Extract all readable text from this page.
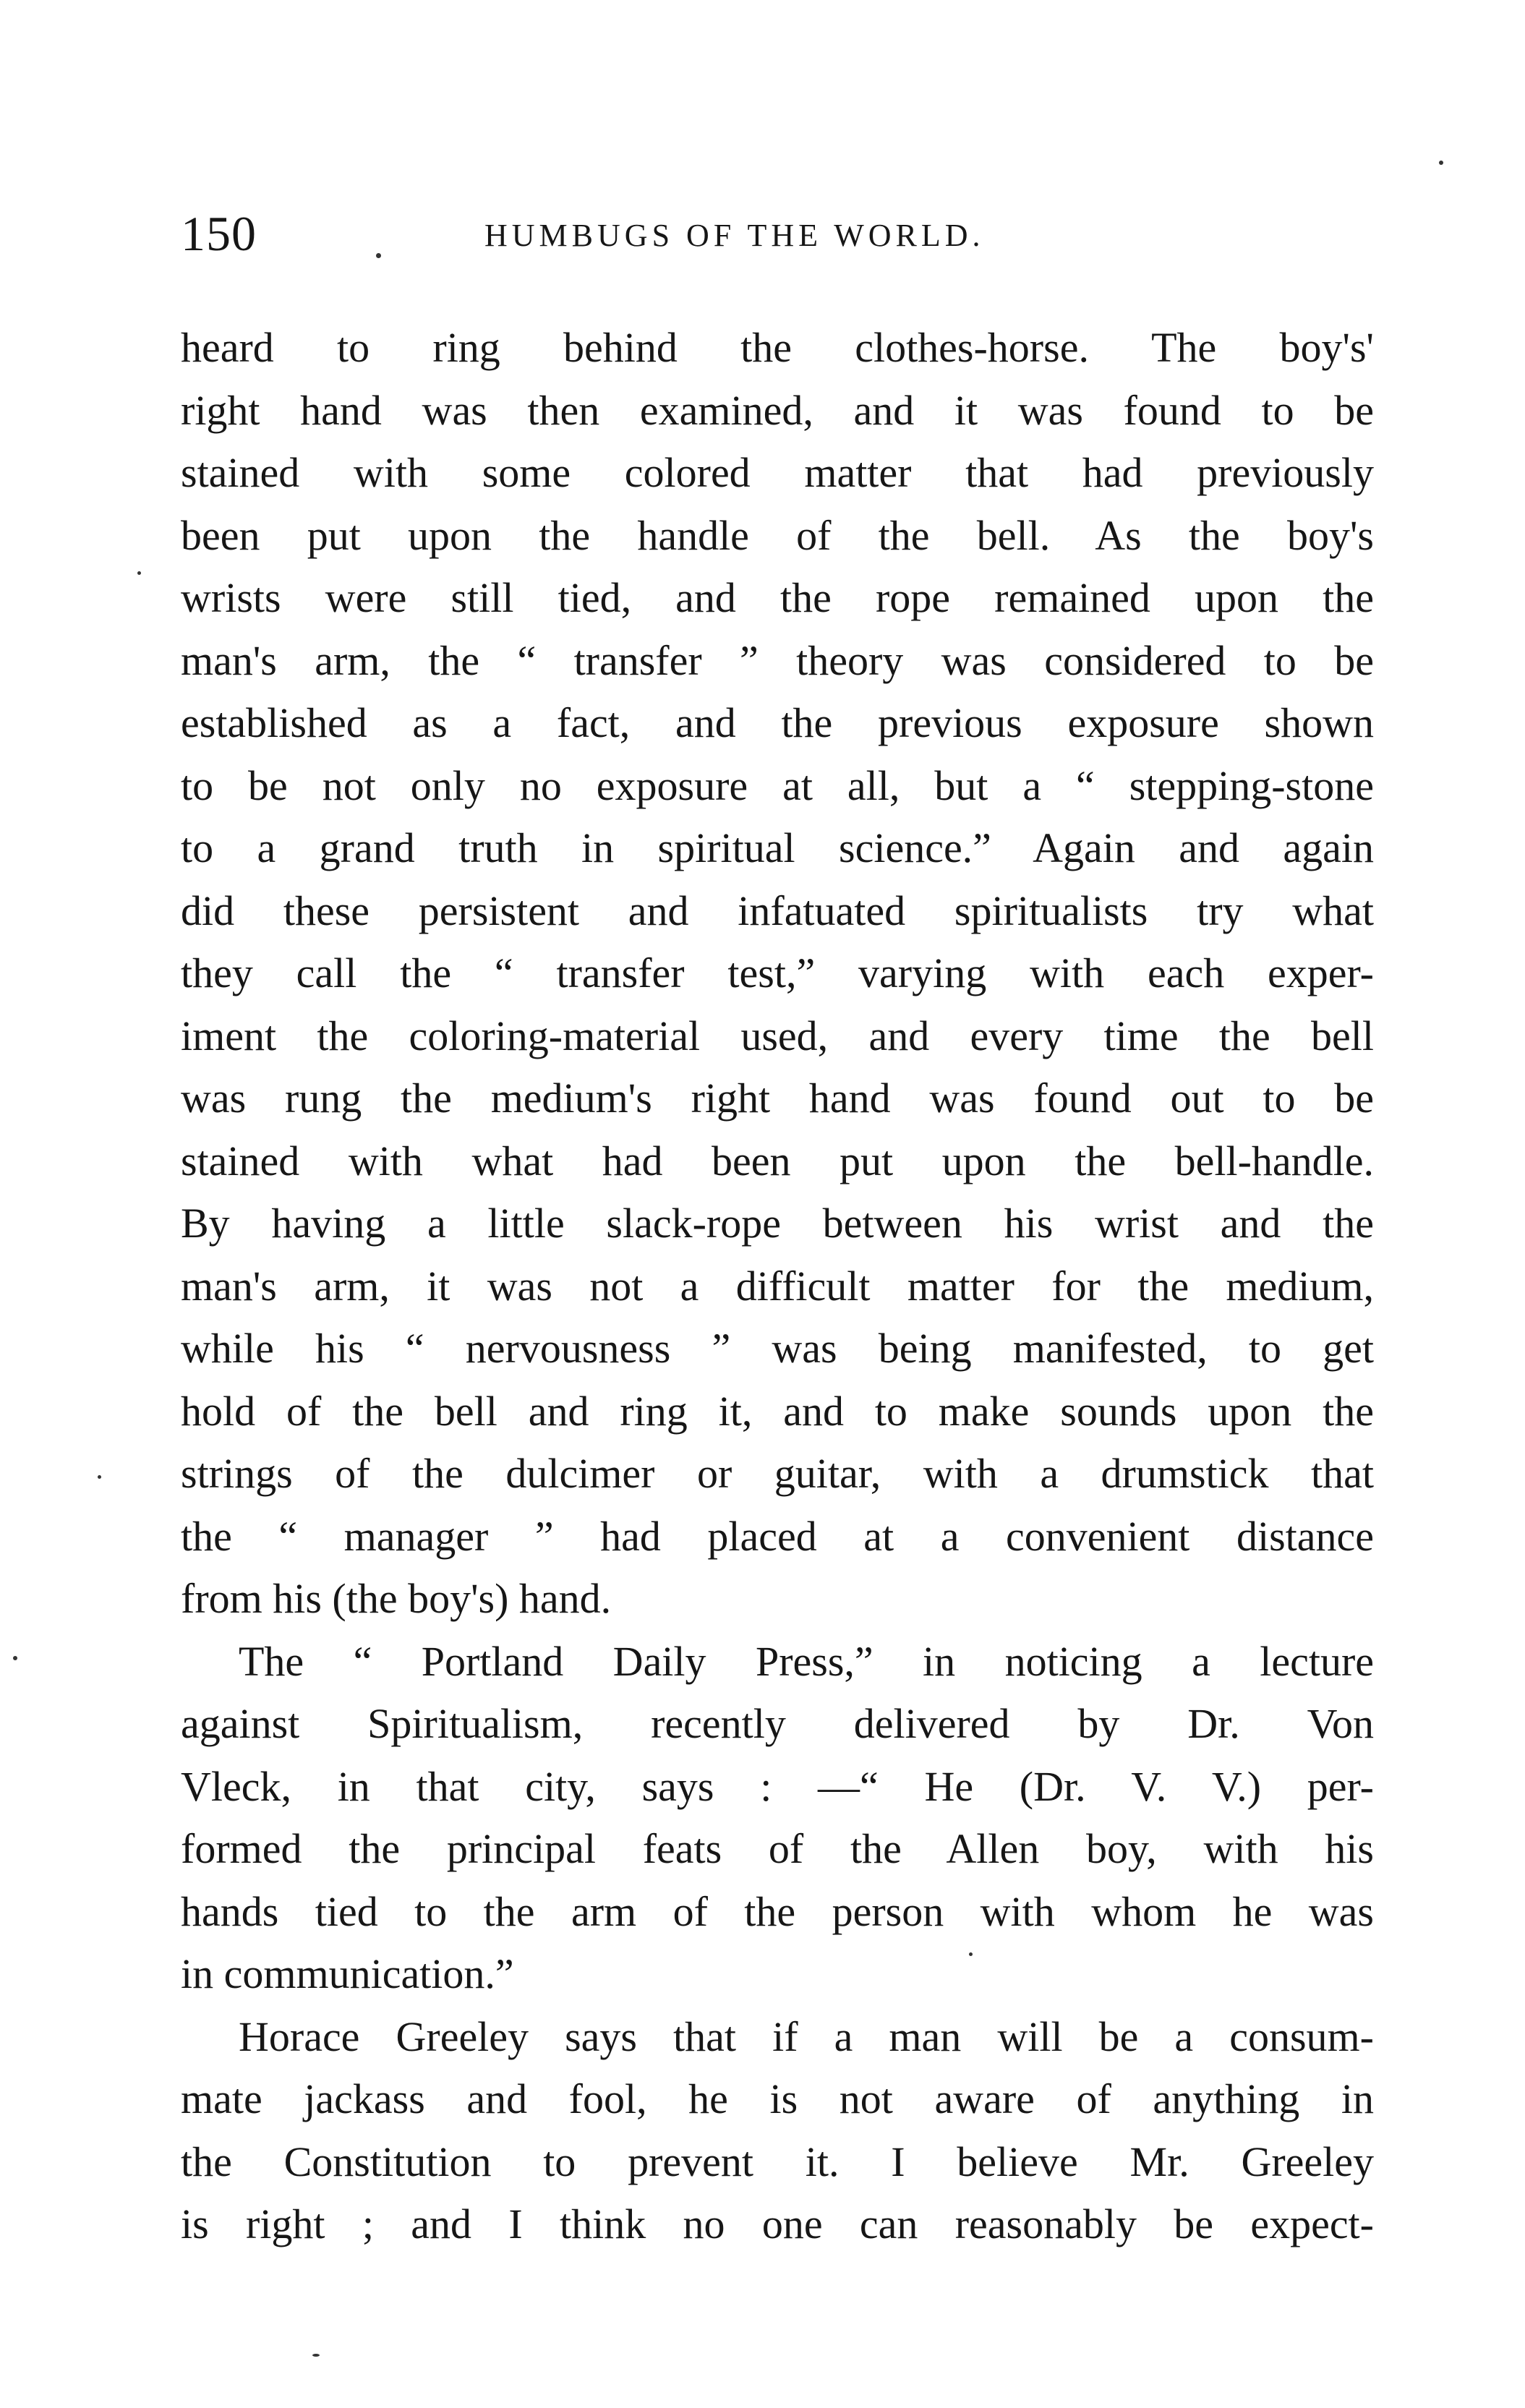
150	HUMBUGS OF THE WORLD.
heard to ring behind the clothes-horse. The boy's'
right hand was then examined, and it was found to be
stained with some colored matter that had previously
been put upon the handle of the bell. As the boy's
wrists were still tied, and the rope remained upon the
man's arm, the “ transfer ” theory was considered to be
established as a fact, and the previous exposure shown
to be not only no exposure at all, but a “ stepping-stone
to a grand truth in spiritual science.” Again and again
did these persistent and infatuated spiritualists try what
they call the “ transfer test,” varying with each exper-
iment the coloring-material used, and every time the bell
was rung the medium's right hand was found out to be
stained with what had been put upon the bell-handle.
By having a little slack-rope between his wrist and the
man's arm, it was not a difficult matter for the medium,
while his “ nervousness ” was being manifested, to get
hold of the bell and ring it, and to make sounds upon the
strings of the dulcimer or guitar, with a drumstick that
the “ manager ” had placed at a convenient distance
from his (the boy's) hand.
The “ Portland Daily Press,” in noticing a lecture
against Spiritualism, recently delivered by Dr. Von
Vleck, in that city, says : —“ He (Dr. V. V.) per-
formed the principal feats of the Allen boy, with his
hands tied to the arm of the person with whom he was
in communication.”
Horace Greeley says that if a man will be a consum-
mate jackass and fool, he is not aware of anything in
the Constitution to prevent it. I believe Mr. Greeley
is right ; and I think no one can reasonably be expect-
